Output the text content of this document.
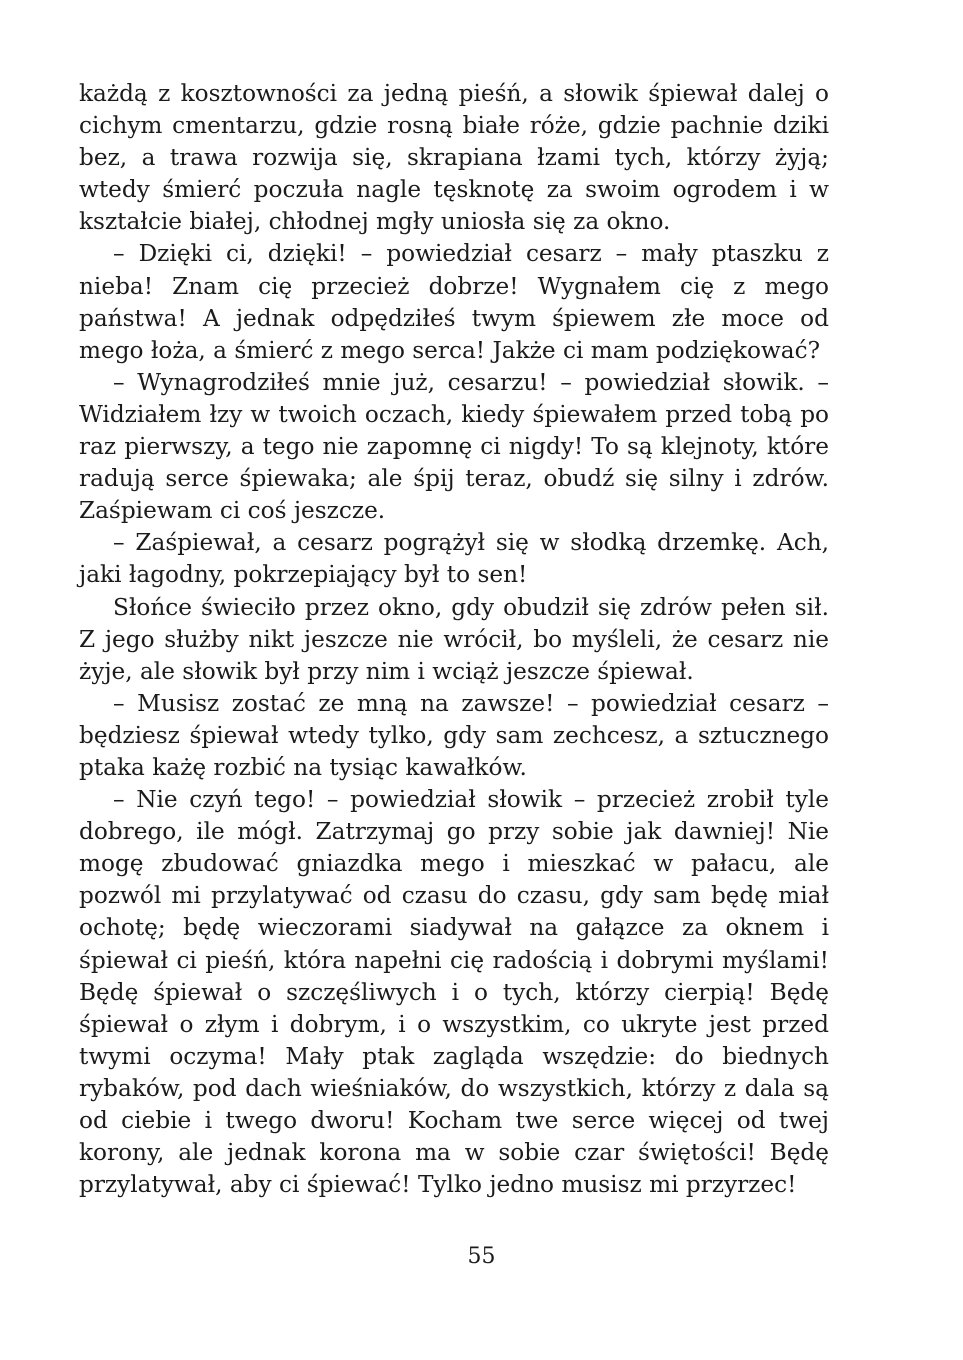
każdą z kosztowności za jedną pieśń, a słowik śpiewał dalej o cichym cmentarzu, gdzie rosną białe róże, gdzie pachnie dziki bez, a trawa rozwija się, skrapiana łzami tych, którzy żyją; wtedy śmierć poczuła nagle tęsknotę za swoim ogrodem i w kształcie białej, chłodnej mgły uniosła się za okno.

– Dzięki ci, dzięki! – powiedział cesarz – mały ptaszku z nieba! Znam cię przecież dobrze! Wygnałem cię z mego państwa! A jednak odpędziłeś twym śpiewem złe moce od mego łoża, a śmierć z mego serca! Jakże ci mam podziękować?

– Wynagrodziłeś mnie już, cesarzu! – powiedział słowik. – Widziałem łzy w twoich oczach, kiedy śpiewałem przed tobą po raz pierwszy, a tego nie zapomnę ci nigdy! To są klejnoty, które radują serce śpiewaka; ale śpij teraz, obudź się silny i zdrów. Zaśpiewam ci coś jeszcze.

– Zaśpiewał, a cesarz pogrążył się w słodką drzemkę. Ach, jaki łagodny, pokrzepiający był to sen!

Słońce świeciło przez okno, gdy obudził się zdrów pełen sił. Z jego służby nikt jeszcze nie wrócił, bo myśleli, że cesarz nie żyje, ale słowik był przy nim i wciąż jeszcze śpiewał.

– Musisz zostać ze mną na zawsze! – powiedział cesarz – będziesz śpiewał wtedy tylko, gdy sam zechcesz, a sztucznego ptaka każę rozbić na tysiąc kawałków.

– Nie czyń tego! – powiedział słowik – przecież zrobił tyle dobrego, ile mógł. Zatrzymaj go przy sobie jak dawniej! Nie mogę zbudować gniazdka mego i mieszkać w pałacu, ale pozwól mi przylatywać od czasu do czasu, gdy sam będę miał ochotę; będę wieczorami siadywał na gałązce za oknem i śpiewał ci pieśń, która napełni cię radością i dobrymi myślami! Będę śpiewał o szczęśliwych i o tych, którzy cierpią! Będę śpiewał o złym i dobrym, i o wszystkim, co ukryte jest przed twymi oczyma! Mały ptak zagląda wszędzie: do biednych rybaków, pod dach wieśniaków, do wszystkich, którzy z dala są od ciebie i twego dworu! Kocham twe serce więcej od twej korony, ale jednak korona ma w sobie czar świętości! Będę przylatywał, aby ci śpiewać! Tylko jedno musisz mi przyrzec!

55
